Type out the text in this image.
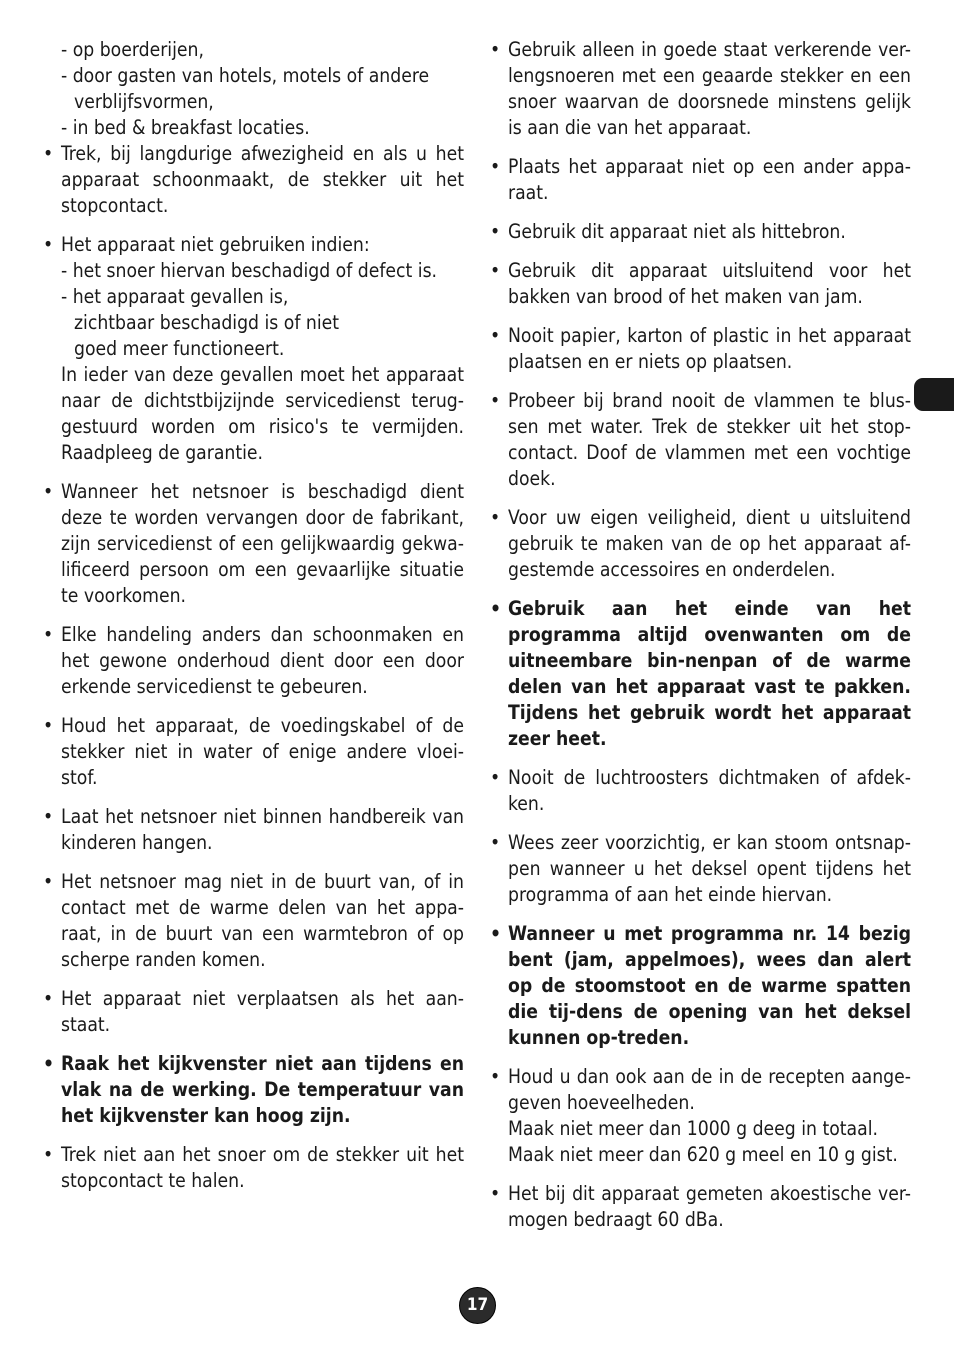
- op boerderijen,
- door gasten van hotels, motels of andere verblijfsvormen,
- in bed & breakfast locaties.
• Trek, bij langdurige afwezigheid en als u het apparaat schoonmaakt, de stekker uit het stopcontact.
• Het apparaat niet gebruiken indien:
- het snoer hiervan beschadigd of defect is.
- het apparaat gevallen is, zichtbaar beschadigd is of niet goed meer functioneert.
In ieder van deze gevallen moet het apparaat naar de dichtstbijzijnde servicedienst terug-gestuurd worden om risico's te vermijden. Raadpleeg de garantie.
• Wanneer het netsnoer is beschadigd dient deze te worden vervangen door de fabrikant, zijn servicedienst of een gelijkwaardig gekwa-lificeerd persoon om een gevaarlijke situatie te voorkomen.
• Elke handeling anders dan schoonmaken en het gewone onderhoud dient door een door erkende servicedienst te gebeuren.
• Houd het apparaat, de voedingskabel of de stekker niet in water of enige andere vloei-stof.
• Laat het netsnoer niet binnen handbereik van kinderen hangen.
• Het netsnoer mag niet in de buurt van, of in contact met de warme delen van het appa-raat, in de buurt van een warmtebron of op scherpe randen komen.
• Het apparaat niet verplaatsen als het aan-staat.
• Raak het kijkvenster niet aan tijdens en vlak na de werking. De temperatuur van het kijkvenster kan hoog zijn.
• Trek niet aan het snoer om de stekker uit het stopcontact te halen.
• Gebruik alleen in goede staat verkerende ver-lengsnoeren met een geaarde stekker en een snoer waarvan de doorsnede minstens gelijk is aan die van het apparaat.
• Plaats het apparaat niet op een ander appa-raat.
• Gebruik dit apparaat niet als hittebron.
• Gebruik dit apparaat uitsluitend voor het bakken van brood of het maken van jam.
• Nooit papier, karton of plastic in het apparaat plaatsen en er niets op plaatsen.
• Probeer bij brand nooit de vlammen te blus-sen met water. Trek de stekker uit het stop-contact. Doof de vlammen met een vochtige doek.
• Voor uw eigen veiligheid, dient u uitsluitend gebruik te maken van de op het apparaat af-gestemde accessoires en onderdelen.
• Gebruik aan het einde van het programma altijd ovenwanten om de uitneembare bin-nenpan of de warme delen van het apparaat vast te pakken. Tijdens het gebruik wordt het apparaat zeer heet.
• Nooit de luchtroosters dichtmaken of afdek-ken.
• Wees zeer voorzichtig, er kan stoom ontsnap-pen wanneer u het deksel opent tijdens het programma of aan het einde hiervan.
• Wanneer u met programma nr. 14 bezig bent (jam, appelmoes), wees dan alert op de stoomstoot en de warme spatten die tij-dens de opening van het deksel kunnen op-treden.
• Houd u dan ook aan de in de recepten aange-geven hoeveelheden.
Maak niet meer dan 1000 g deeg in totaal.
Maak niet meer dan 620 g meel en 10 g gist.
• Het bij dit apparaat gemeten akoestische ver-mogen bedraagt 60 dBa.
17
